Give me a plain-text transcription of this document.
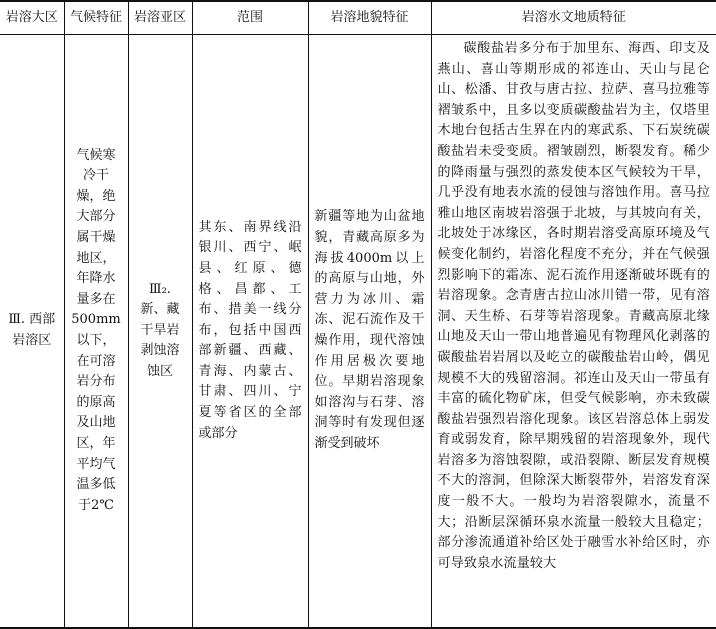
岩溶大区	气候特征	岩溶亚区	范围	岩溶地貌特征	岩溶水文地质特征
Ⅲ. 西部岩溶区	气候寒冷干燥，绝大部分属干燥地区，年降水量多在500mm以下，在可溶岩分布的原高及山地区，年平均气温多低于2℃	Ⅲ₂. 新、藏干旱岩剥蚀溶蚀区	其东、南界线沿银川、西宁、岷县、红原、德格、昌都、工布、措美一线分布，包括中国西部新疆、西藏、青海、内蒙古、甘肃、四川、宁夏等省区的全部或部分	新疆等地为山盆地貌，青藏高原多为海拔4000m以上的高原与山地，外营力为冰川、霜冻、泥石流作及干燥作用，现代溶蚀作用居极次要地位。早期岩溶现象如溶沟与石芽、溶洞等时有发现但逐渐受到破坏	碳酸盐岩多分布于加里东、海西、印支及燕山、喜山等期形成的祁连山、天山与昆仑山、松潘、甘孜与唐古拉、拉萨、喜马拉雅等褶皱系中，且多以变质碳酸盐岩为主，仅塔里木地台包括古生界在内的寒武系、下石炭统碳酸盐岩未受变质。褶皱剧烈，断裂发育。稀少的降雨量与强烈的蒸发使本区气候较为干旱，几乎没有地表水流的侵蚀与溶蚀作用。喜马拉雅山地区南坡岩溶强于北坡，与其坡向有关，北坡处于冰缘区，各时期岩溶受高原环境及气候变化制约，岩溶化程度不充分，并在气候强烈影响下的霜冻、泥石流作用逐渐破坏既有的岩溶现象。念青唐古拉山冰川错一带，见有溶洞、天生桥、石芽等岩溶现象。青藏高原北缘山地及天山一带山地普遍见有物理风化剥落的碳酸盐岩岩屑以及屹立的碳酸盐岩山岭，偶见规模不大的残留溶洞。祁连山及天山一带虽有丰富的硫化物矿床，但受气候影响，亦未致碳酸盐岩强烈岩溶化现象。该区岩溶总体上弱发育或弱发育，除早期残留的岩溶现象外，现代岩溶多为溶蚀裂隙，或沿裂隙、断层发育规模不大的溶洞，但除深大断裂带外，岩溶发育深度一般不大。一般均为岩溶裂隙水，流量不大；沿断层深循环泉水流量一般较大且稳定；部分渗流通道补给区处于融雪水补给区时，亦可导致泉水流量较大
